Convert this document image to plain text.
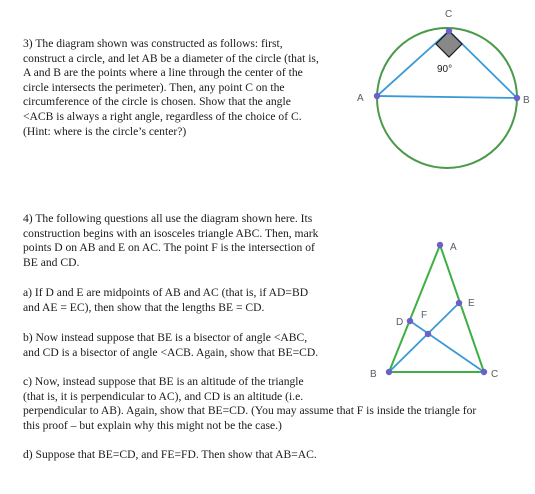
3) The diagram shown was constructed as follows: first,
construct a circle, and let AB be a diameter of the circle (that is,
A and B are the points where a line through the center of the
circle intersects the perimeter). Then, any point C on the
circumference of the circle is chosen. Show that the angle
<ACB is always a right angle, regardless of the choice of C.
(Hint: where is the circle’s center?)
4) The following questions all use the diagram shown here. Its
construction begins with an isosceles triangle ABC. Then, mark
points D on AB and E on AC. The point F is the intersection of
BE and CD.
a) If D and E are midpoints of AB and AC (that is, if AD=BD
and AE = EC), then show that the lengths BE = CD.
b) Now instead suppose that BE is a bisector of angle <ABC,
and CD is a bisector of angle <ACB. Again, show that BE=CD.
c) Now, instead suppose that BE is an altitude of the triangle
(that is, it is perpendicular to AC), and CD is an altitude (i.e.
perpendicular to AB). Again, show that BE=CD. (You may assume that F is inside the triangle for
this proof – but explain why this might not be the case.)
d) Suppose that BE=CD, and FE=FD. Then show that AB=AC.
A	B
C
90°
A
B	C
D
E
F
